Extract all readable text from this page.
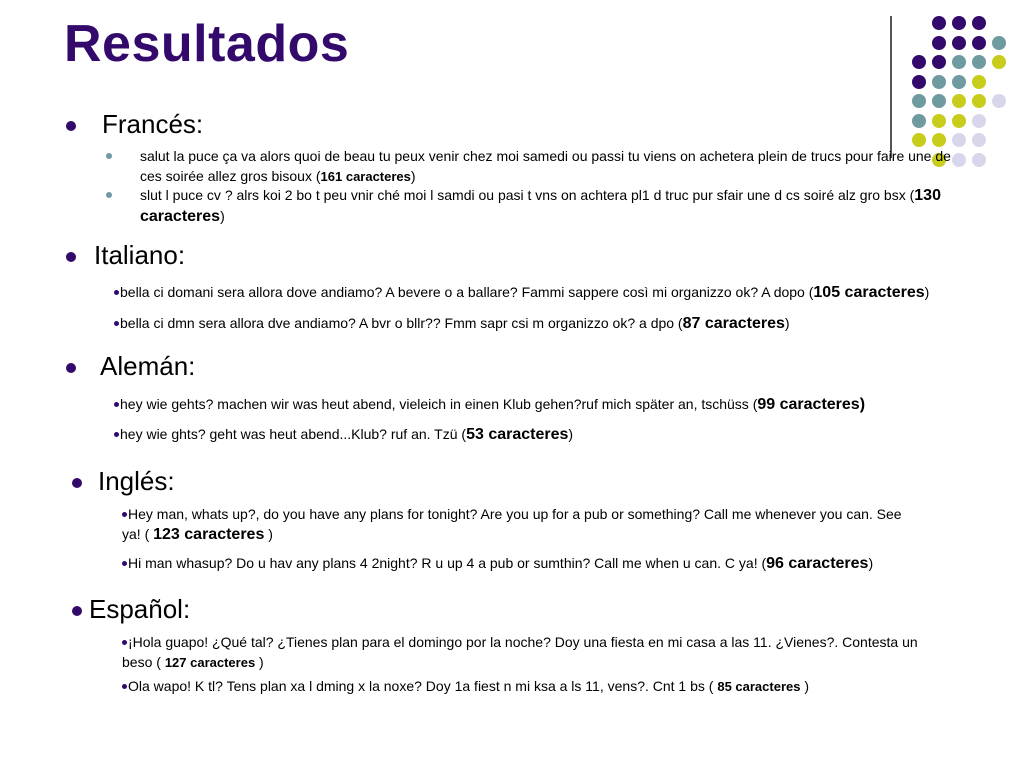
Resultados
Francés:
salut la puce ça va alors quoi de beau tu peux venir chez moi samedi ou passi tu viens on achetera plein de trucs pour faire une de ces soirée allez gros bisoux (161 caracteres)
slut l puce cv ? alrs koi 2 bo t peu vnir ché moi l samdi ou pasi t vns on achtera pl1 d truc pur sfair une d cs soiré alz gro bsx (130 caracteres)
Italiano:
bella ci domani sera allora dove andiamo? A bevere o a ballare? Fammi sappere così mi organizzo ok? A dopo (105 caracteres)
bella ci dmn sera allora dve andiamo? A bvr o bllr?? Fmm sapr csi m organizzo ok? a dpo (87 caracteres)
Alemán:
hey wie gehts? machen wir was heut abend, vieleich in einen Klub gehen?ruf mich später an, tschüss (99 caracteres)
hey wie ghts? geht was heut abend...Klub? ruf an. Tzü (53 caracteres)
Inglés:
Hey man, whats up?, do you have any plans for tonight? Are you up for a pub or something? Call me whenever you can. See ya! ( 123 caracteres )
Hi man whasup? Do u hav any plans 4 2night? R u up 4 a pub or sumthin? Call me when u can. C ya! (96 caracteres)
Español:
¡Hola guapo! ¿Qué tal? ¿Tienes plan para el domingo por la noche? Doy una fiesta en mi casa a las 11. ¿Vienes?. Contesta un beso ( 127 caracteres )
Ola wapo! K tl? Tens plan xa l dming x la noxe? Doy 1a fiest n mi ksa a ls 11, vens?. Cnt 1 bs ( 85 caracteres )
